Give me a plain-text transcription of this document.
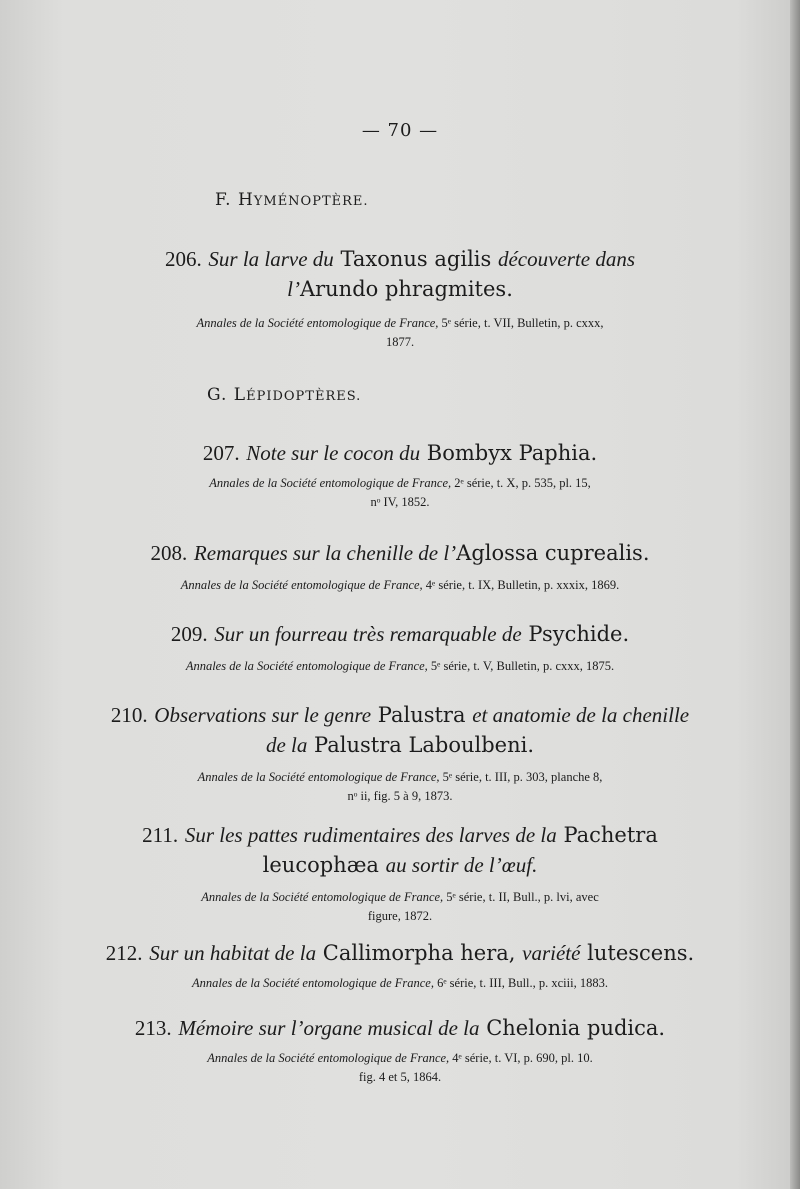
— 70 —
F. HYMÉNOPTÈRE.
206. Sur la larve du Taxonus agilis découverte dans
l’Arundo phragmites.
Annales de la Société entomologique de France, 5ᵉ série, t. VII, Bulletin, p. cxxx,
1877.
G. LÉPIDOPTÈRES.
207. Note sur le cocon du Bombyx Paphia.
Annales de la Société entomologique de France, 2ᵉ série, t. X, p. 535, pl. 15,
nᵒ IV, 1852.
208. Remarques sur la chenille de l’Aglossa cuprealis.
Annales de la Société entomologique de France, 4ᵉ série, t. IX, Bulletin, p. xxxix, 1869.
209. Sur un fourreau très remarquable de Psychide.
Annales de la Société entomologique de France, 5ᵉ série, t. V, Bulletin, p. cxxx, 1875.
210. Observations sur le genre Palustra et anatomie de la chenille
de la Palustra Laboulbeni.
Annales de la Société entomologique de France, 5ᵉ série, t. III, p. 303, planche 8,
nᵒ ii, fig. 5 à 9, 1873.
211. Sur les pattes rudimentaires des larves de la Pachetra
leucophæa au sortir de l’œuf.
Annales de la Société entomologique de France, 5ᵉ série, t. II, Bull., p. lvi, avec
figure, 1872.
212. Sur un habitat de la Callimorpha hera, variété lutescens.
Annales de la Société entomologique de France, 6ᵉ série, t. III, Bull., p. xciii, 1883.
213. Mémoire sur l’organe musical de la Chelonia pudica.
Annales de la Société entomologique de France, 4ᵉ série, t. VI, p. 690, pl. 10.
fig. 4 et 5, 1864.
